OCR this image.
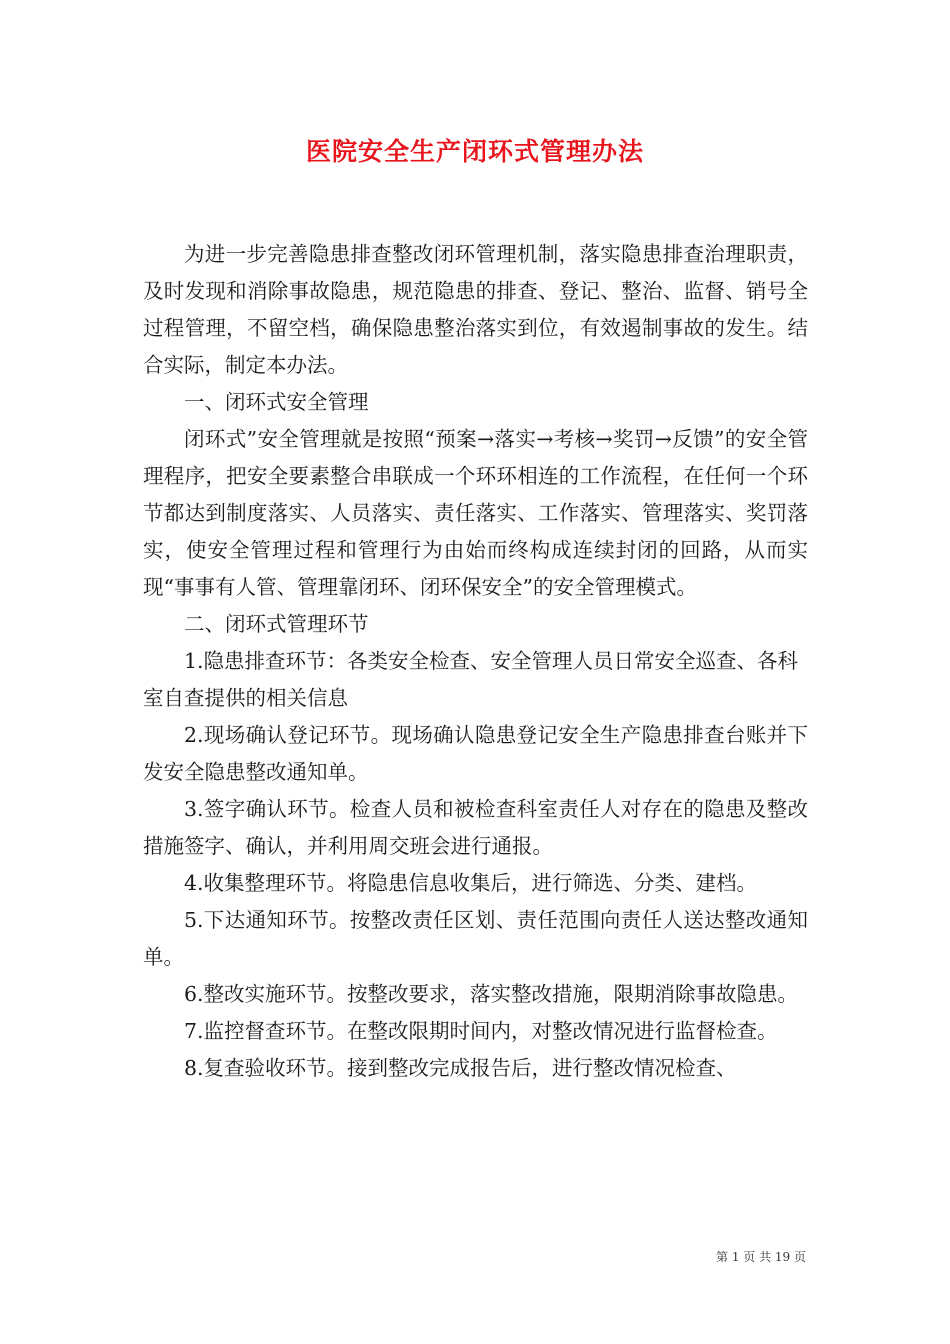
医院安全生产闭环式管理办法

为进一步完善隐患排查整改闭环管理机制，落实隐患排查治理职责，及时发现和消除事故隐患，规范隐患的排查、登记、整治、监督、销号全过程管理，不留空档，确保隐患整治落实到位，有效遏制事故的发生。结合实际，制定本办法。

一、闭环式安全管理

闭环式”安全管理就是按照“预案→落实→考核→奖罚→反馈”的安全管理程序，把安全要素整合串联成一个环环相连的工作流程，在任何一个环节都达到制度落实、人员落实、责任落实、工作落实、管理落实、奖罚落实，使安全管理过程和管理行为由始而终构成连续封闭的回路，从而实现“事事有人管、管理靠闭环、闭环保安全”的安全管理模式。

二、闭环式管理环节

1.隐患排查环节：各类安全检查、安全管理人员日常安全巡查、各科室自查提供的相关信息

2.现场确认登记环节。现场确认隐患登记安全生产隐患排查台账并下发安全隐患整改通知单。

3.签字确认环节。检查人员和被检查科室责任人对存在的隐患及整改措施签字、确认，并利用周交班会进行通报。

4.收集整理环节。将隐患信息收集后，进行筛选、分类、建档。

5.下达通知环节。按整改责任区划、责任范围向责任人送达整改通知单。

6.整改实施环节。按整改要求，落实整改措施，限期消除事故隐患。

7.监控督查环节。在整改限期时间内，对整改情况进行监督检查。

8.复查验收环节。接到整改完成报告后，进行整改情况检查、

第 1 页 共 19 页
